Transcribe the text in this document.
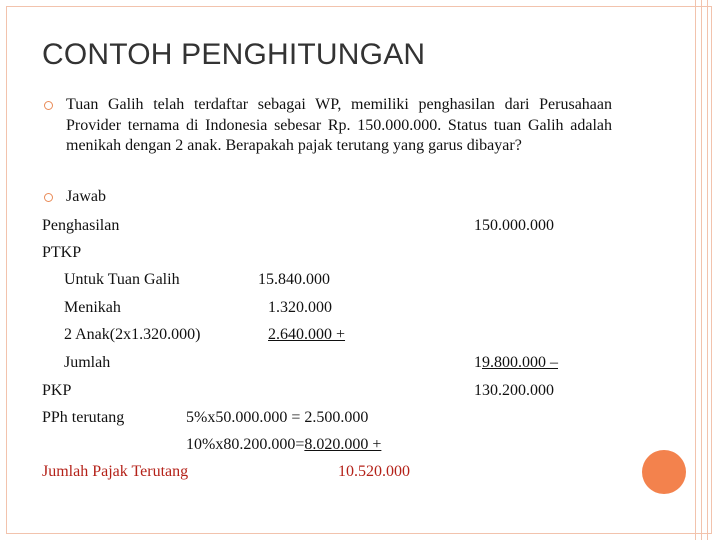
CONTOH PENGHITUNGAN
Tuan Galih telah terdaftar sebagai WP, memiliki penghasilan dari Perusahaan Provider ternama di Indonesia sebesar Rp. 150.000.000. Status tuan Galih adalah menikah dengan 2 anak. Berapakah pajak terutang yang garus dibayar?
Jawab
Penghasilan	150.000.000
PTKP
Untuk Tuan Galih	15.840.000
Menikah	1.320.000
2 Anak(2x1.320.000)	2.640.000 +
Jumlah	19.800.000 –
PKP	130.200.000
PPh terutang	5%x50.000.000 = 2.500.000
10%x80.200.000=8.020.000 +
Jumlah Pajak Terutang	10.520.000
